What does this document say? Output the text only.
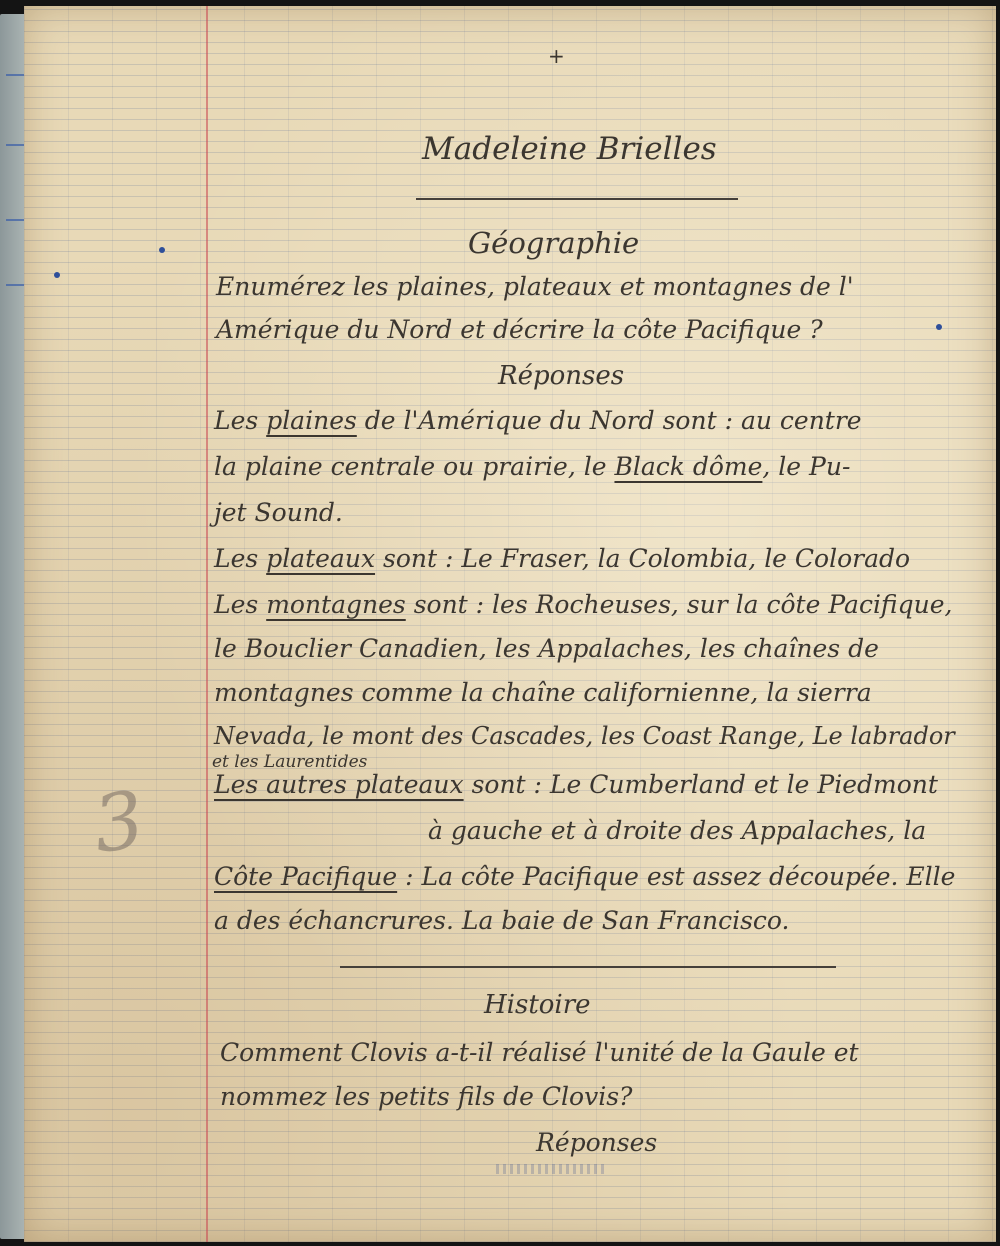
+

Madeleine Brielles

Géographie

Enumérez les plaines, plateaux et montagnes de l'

Amérique du Nord et décrire la côte Pacifique ?

Réponses

Les plaines de l'Amérique du Nord sont : au centre

la plaine centrale ou prairie, le Black dôme, le Pu-

jet Sound.

Les plateaux sont : Le Fraser, la Colombia, le Colorado

Les montagnes sont : les Rocheuses, sur la côte Pacifique,

le Bouclier Canadien, les Appalaches, les chaînes de

montagnes comme la chaîne californienne, la sierra

Nevada, le mont des Cascades, les Coast Range, Le labrador

et les Laurentides

Les autres plateaux sont : Le Cumberland et le Piedmont

à gauche et à droite des Appalaches, la

Côte Pacifique : La côte Pacifique est assez découpée. Elle

a des échancrures. La baie de San Francisco.

3

Histoire

Comment Clovis a-t-il réalisé l'unité de la Gaule et

nommez les petits fils de Clovis?

Réponses
